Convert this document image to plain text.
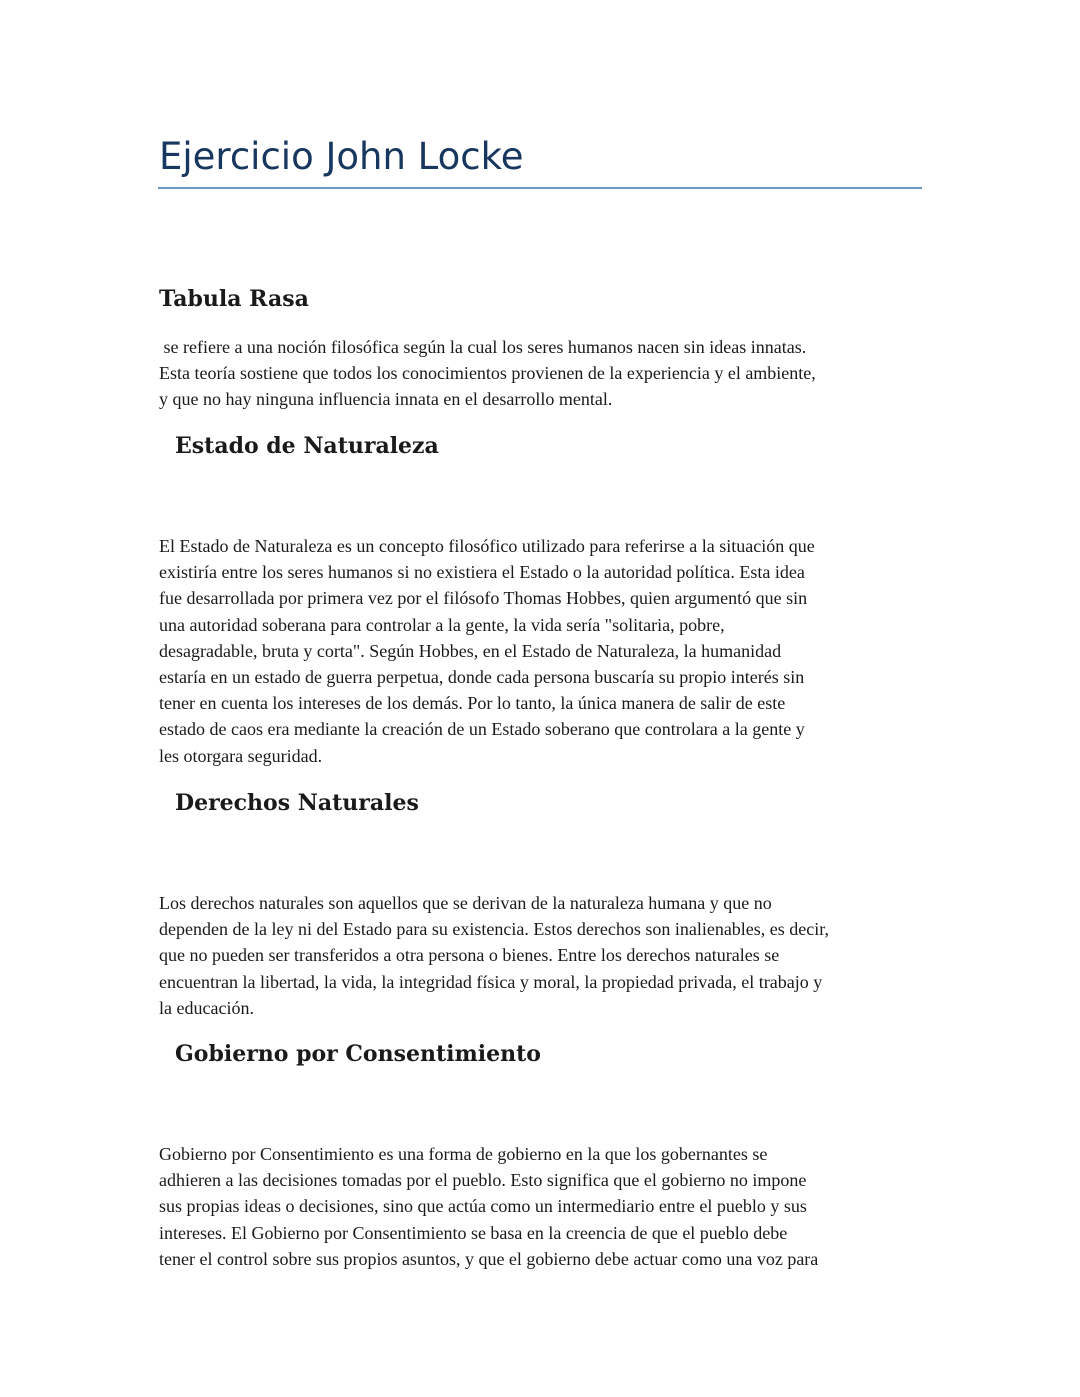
Ejercicio John Locke
Tabula Rasa
se refiere a una noción filosófica según la cual los seres humanos nacen sin ideas innatas.
Esta teoría sostiene que todos los conocimientos provienen de la experiencia y el ambiente,
y que no hay ninguna influencia innata en el desarrollo mental.
Estado de Naturaleza
El Estado de Naturaleza es un concepto filosófico utilizado para referirse a la situación que
existiría entre los seres humanos si no existiera el Estado o la autoridad política. Esta idea
fue desarrollada por primera vez por el filósofo Thomas Hobbes, quien argumentó que sin
una autoridad soberana para controlar a la gente, la vida sería "solitaria, pobre,
desagradable, bruta y corta". Según Hobbes, en el Estado de Naturaleza, la humanidad
estaría en un estado de guerra perpetua, donde cada persona buscaría su propio interés sin
tener en cuenta los intereses de los demás. Por lo tanto, la única manera de salir de este
estado de caos era mediante la creación de un Estado soberano que controlara a la gente y
les otorgara seguridad.
Derechos Naturales
Los derechos naturales son aquellos que se derivan de la naturaleza humana y que no
dependen de la ley ni del Estado para su existencia. Estos derechos son inalienables, es decir,
que no pueden ser transferidos a otra persona o bienes. Entre los derechos naturales se
encuentran la libertad, la vida, la integridad física y moral, la propiedad privada, el trabajo y
la educación.
Gobierno por Consentimiento
Gobierno por Consentimiento es una forma de gobierno en la que los gobernantes se
adhieren a las decisiones tomadas por el pueblo. Esto significa que el gobierno no impone
sus propias ideas o decisiones, sino que actúa como un intermediario entre el pueblo y sus
intereses. El Gobierno por Consentimiento se basa en la creencia de que el pueblo debe
tener el control sobre sus propios asuntos, y que el gobierno debe actuar como una voz para
